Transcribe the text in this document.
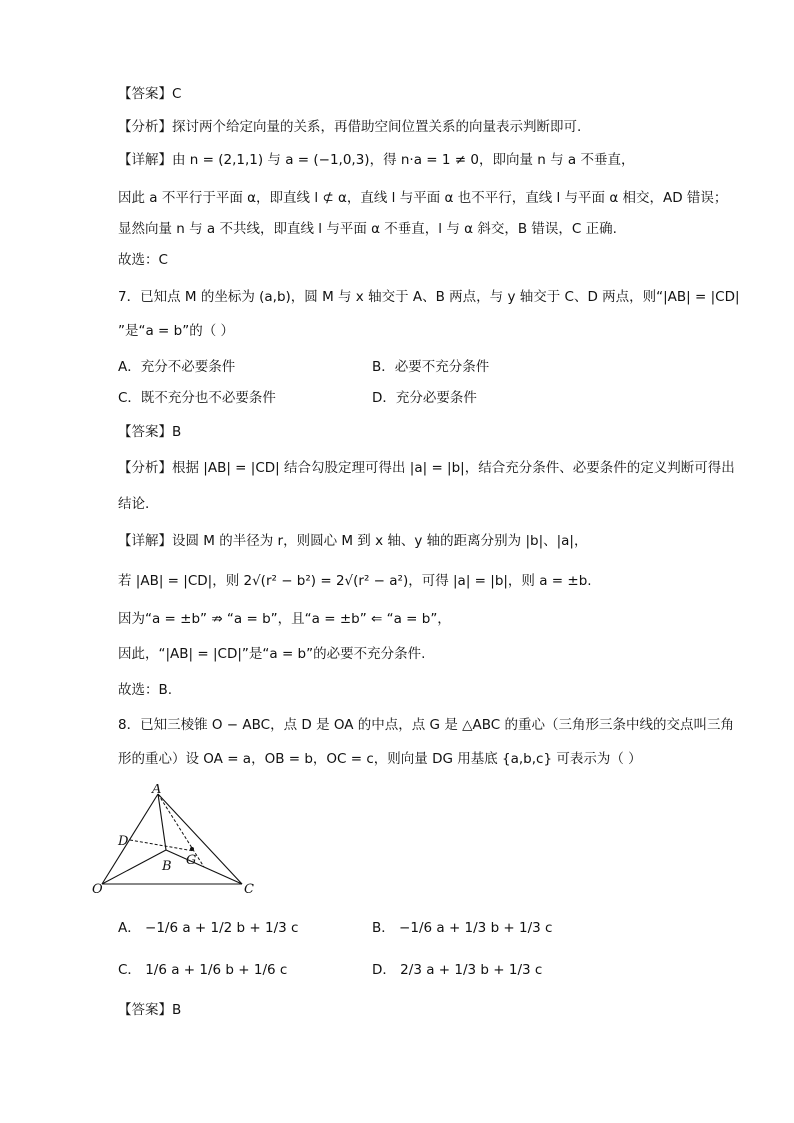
【答案】C
【分析】探讨两个给定向量的关系，再借助空间位置关系的向量表示判断即可.
【详解】由 n = (2,1,1) 与 a = (−1,0,3)，得 n·a = 1 ≠ 0，即向量 n 与 a 不垂直，
因此 a 不平行于平面 α，即直线 l ⊄ α，直线 l 与平面 α 也不平行，直线 l 与平面 α 相交，AD 错误；
显然向量 n 与 a 不共线，即直线 l 与平面 α 不垂直，l 与 α 斜交，B 错误，C 正确.
故选：C
7．已知点 M 的坐标为 (a,b)，圆 M 与 x 轴交于 A、B 两点，与 y 轴交于 C、D 两点，则“|AB| = |CD|
”是“a = b”的（ ）
A．充分不必要条件	B．必要不充分条件
C．既不充分也不必要条件	D．充分必要条件
【答案】B
【分析】根据 |AB| = |CD| 结合勾股定理可得出 |a| = |b|，结合充分条件、必要条件的定义判断可得出
结论.
【详解】设圆 M 的半径为 r，则圆心 M 到 x 轴、y 轴的距离分别为 |b|、|a|，
若 |AB| = |CD|，则 2√(r² − b²) = 2√(r² − a²)，可得 |a| = |b|，则 a = ±b.
因为“a = ±b” ⇏ “a = b”，且“a = ±b” ⇐ “a = b”，
因此，“|AB| = |CD|”是“a = b”的必要不充分条件.
故选：B.
8．已知三棱锥 O − ABC，点 D 是 OA 的中点，点 G 是 △ABC 的重心（三角形三条中线的交点叫三角
形的重心）设 OA = a，OB = b，OC = c，则向量 DG 用基底 {a,b,c} 可表示为（ ）
A
D
G
B
O	C
A． −1/6 a + 1/2 b + 1/3 c	B． −1/6 a + 1/3 b + 1/3 c
C． 1/6 a + 1/6 b + 1/6 c	D． 2/3 a + 1/3 b + 1/3 c
【答案】B
